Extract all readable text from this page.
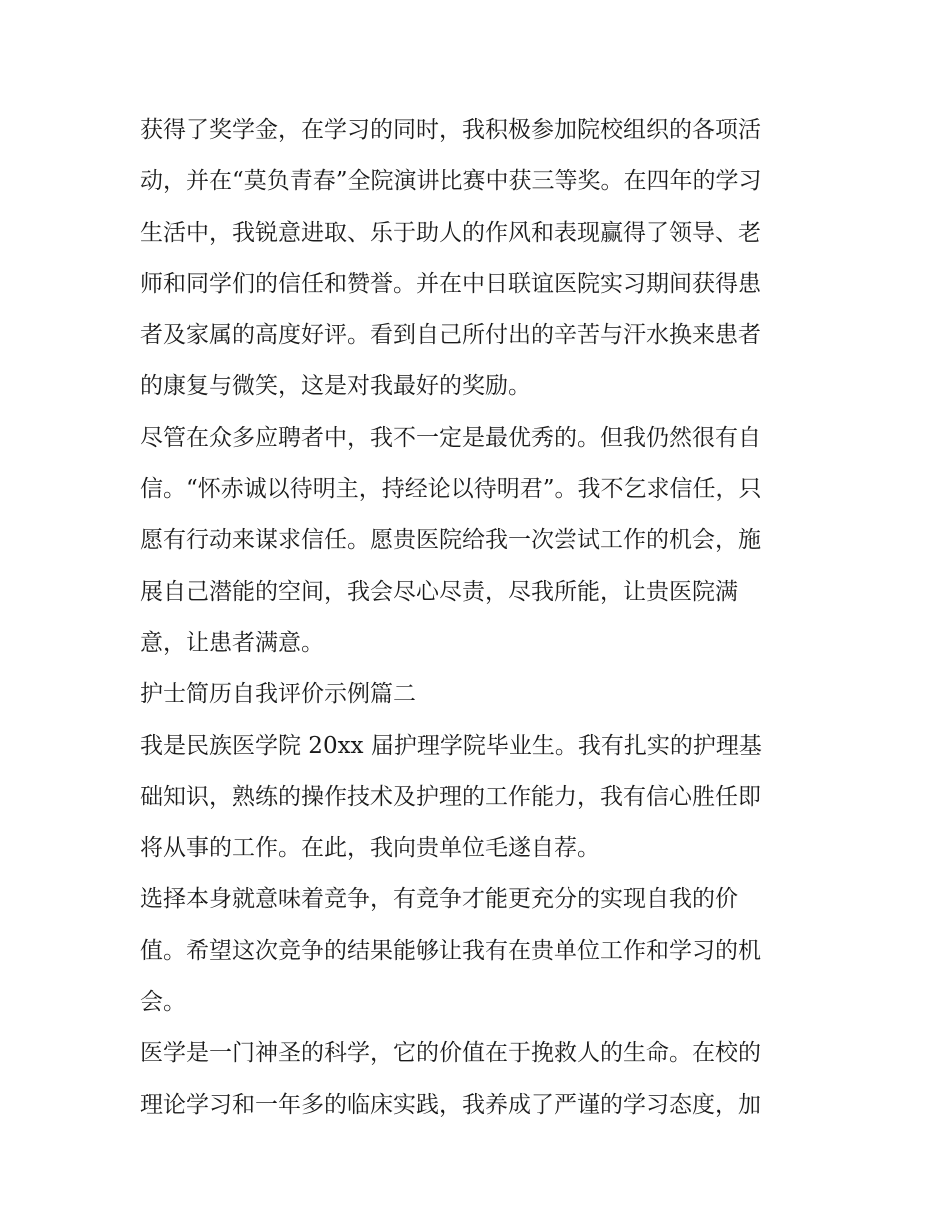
获得了奖学金，在学习的同时，我积极参加院校组织的各项活
动，并在“莫负青春”全院演讲比赛中获三等奖。在四年的学习
生活中，我锐意进取、乐于助人的作风和表现赢得了领导、老
师和同学们的信任和赞誉。并在中日联谊医院实习期间获得患
者及家属的高度好评。看到自己所付出的辛苦与汗水换来患者
的康复与微笑，这是对我最好的奖励。
尽管在众多应聘者中，我不一定是最优秀的。但我仍然很有自
信。“怀赤诚以待明主，持经论以待明君”。我不乞求信任，只
愿有行动来谋求信任。愿贵医院给我一次尝试工作的机会，施
展自己潜能的空间，我会尽心尽责，尽我所能，让贵医院满
意，让患者满意。
护士简历自我评价示例篇二
我是民族医学院 20xx 届护理学院毕业生。我有扎实的护理基
础知识，熟练的操作技术及护理的工作能力，我有信心胜任即
将从事的工作。在此，我向贵单位毛遂自荐。
选择本身就意味着竞争，有竞争才能更充分的实现自我的价
值。希望这次竞争的结果能够让我有在贵单位工作和学习的机
会。
医学是一门神圣的科学，它的价值在于挽救人的生命。在校的
理论学习和一年多的临床实践，我养成了严谨的学习态度，加
